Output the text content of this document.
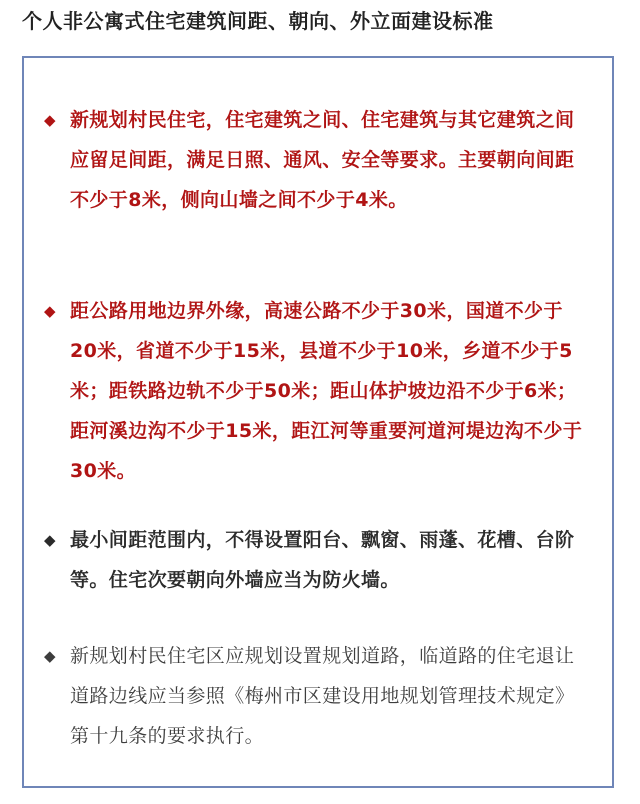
个人非公寓式住宅建筑间距、朝向、外立面建设标准
◆ 新规划村民住宅，住宅建筑之间、住宅建筑与其它建筑之间应留足间距，满足日照、通风、安全等要求。主要朝向间距不少于8米，侧向山墙之间不少于4米。
◆ 距公路用地边界外缘，高速公路不少于30米，国道不少于20米，省道不少于15米，县道不少于10米，乡道不少于5米；距铁路边轨不少于50米；距山体护坡边沿不少于6米；距河溪边沟不少于15米，距江河等重要河道河堤边沟不少于30米。
◆ 最小间距范围内，不得设置阳台、飘窗、雨蓬、花槽、台阶等。住宅次要朝向外墙应当为防火墙。
◆ 新规划村民住宅区应规划设置规划道路，临道路的住宅退让道路边线应当参照《梅州市区建设用地规划管理技术规定》第十九条的要求执行。
